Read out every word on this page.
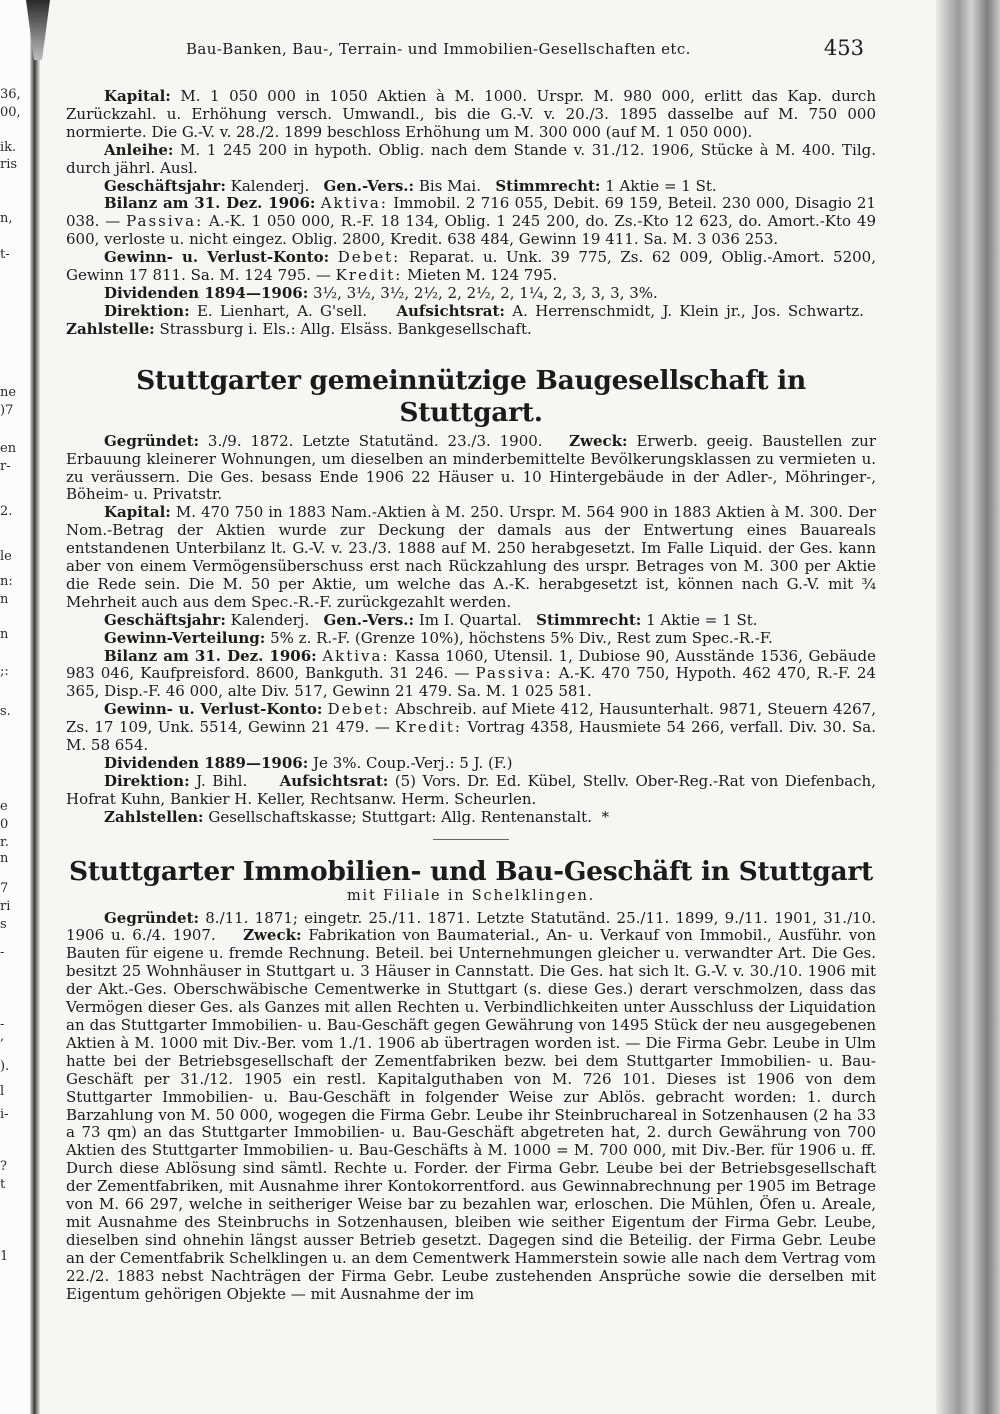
36,
00,
ik.
ris
n,
t-
ne
)7
en
r-
2.
le
n:
n
n
;:
s.
e
0
r.
n
7
ri
s
-
-
,
).
l
i-
?
t
1
Bau-Banken, Bau-, Terrain- und Immobilien-Gesellschaften etc.	453

Kapital: M. 1 050 000 in 1050 Aktien à M. 1000. Urspr. M. 980 000, erlitt das Kap. durch Zurückzahl. u. Erhöhung versch. Umwandl., bis die G.-V. v. 20./3. 1895 dasselbe auf M. 750 000 normierte. Die G.-V. v. 28./2. 1899 beschloss Erhöhung um M. 300 000 (auf M. 1 050 000).

Anleihe: M. 1 245 200 in hypoth. Oblig. nach dem Stande v. 31./12. 1906, Stücke à M. 400. Tilg. durch jährl. Ausl.

Geschäftsjahr: Kalenderj. Gen.-Vers.: Bis Mai. Stimmrecht: 1 Aktie = 1 St.

Bilanz am 31. Dez. 1906: Aktiva: Immobil. 2 716 055, Debit. 69 159, Beteil. 230 000, Disagio 21 038. — Passiva: A.-K. 1 050 000, R.-F. 18 134, Oblig. 1 245 200, do. Zs.-Kto 12 623, do. Amort.-Kto 49 600, verloste u. nicht eingez. Oblig. 2800, Kredit. 638 484, Gewinn 19 411. Sa. M. 3 036 253.

Gewinn- u. Verlust-Konto: Debet: Reparat. u. Unk. 39 775, Zs. 62 009, Oblig.-Amort. 5200, Gewinn 17 811. Sa. M. 124 795. — Kredit: Mieten M. 124 795.

Dividenden 1894—1906: 3½, 3½, 3½, 2½, 2, 2½, 2, 1¼, 2, 3, 3, 3, 3%.

Direktion: E. Lienhart, A. G'sell. Aufsichtsrat: A. Herrenschmidt, J. Klein jr., Jos. Schwartz.   Zahlstelle: Strassburg i. Els.: Allg. Elsäss. Bankgesellschaft.

Stuttgarter gemeinnützige Baugesellschaft in Stuttgart.

Gegründet: 3./9. 1872. Letzte Statutänd. 23./3. 1900. Zweck: Erwerb. geeig. Baustellen zur Erbauung kleinerer Wohnungen, um dieselben an minderbemittelte Bevölkerungsklassen zu vermieten u. zu veräussern. Die Ges. besass Ende 1906 22 Häuser u. 10 Hintergebäude in der Adler-, Möhringer-, Böheim- u. Privatstr.

Kapital: M. 470 750 in 1883 Nam.-Aktien à M. 250. Urspr. M. 564 900 in 1883 Aktien à M. 300. Der Nom.-Betrag der Aktien wurde zur Deckung der damals aus der Entwertung eines Bauareals entstandenen Unterbilanz lt. G.-V. v. 23./3. 1888 auf M. 250 herabgesetzt. Im Falle Liquid. der Ges. kann aber von einem Vermögensüberschuss erst nach Rückzahlung des urspr. Betrages von M. 300 per Aktie die Rede sein. Die M. 50 per Aktie, um welche das A.-K. herabgesetzt ist, können nach G.-V. mit ¾ Mehrheit auch aus dem Spec.-R.-F. zurückgezahlt werden.

Geschäftsjahr: Kalenderj. Gen.-Vers.: Im I. Quartal. Stimmrecht: 1 Aktie = 1 St.

Gewinn-Verteilung: 5% z. R.-F. (Grenze 10%), höchstens 5% Div., Rest zum Spec.-R.-F.

Bilanz am 31. Dez. 1906: Aktiva: Kassa 1060, Utensil. 1, Dubiose 90, Ausstände 1536, Gebäude 983 046, Kaufpreisford. 8600, Bankguth. 31 246. — Passiva: A.-K. 470 750, Hypoth. 462 470, R.-F. 24 365, Disp.-F. 46 000, alte Div. 517, Gewinn 21 479. Sa. M. 1 025 581.

Gewinn- u. Verlust-Konto: Debet: Abschreib. auf Miete 412, Hausunterhalt. 9871, Steuern 4267, Zs. 17 109, Unk. 5514, Gewinn 21 479. — Kredit: Vortrag 4358, Hausmiete 54 266, verfall. Div. 30. Sa. M. 58 654.

Dividenden 1889—1906: Je 3%. Coup.-Verj.: 5 J. (F.)

Direktion: J. Bihl. Aufsichtsrat: (5) Vors. Dr. Ed. Kübel, Stellv. Ober-Reg.-Rat von Diefenbach, Hofrat Kuhn, Bankier H. Keller, Rechtsanw. Herm. Scheurlen.

Zahlstellen: Gesellschaftskasse; Stuttgart: Allg. Rentenanstalt. *

Stuttgarter Immobilien- und Bau-Geschäft in Stuttgart
mit Filiale in Schelklingen.

Gegründet: 8./11. 1871; eingetr. 25./11. 1871. Letzte Statutänd. 25./11. 1899, 9./11. 1901, 31./10. 1906 u. 6./4. 1907. Zweck: Fabrikation von Baumaterial., An- u. Verkauf von Immobil., Ausführ. von Bauten für eigene u. fremde Rechnung. Beteil. bei Unternehmungen gleicher u. verwandter Art. Die Ges. besitzt 25 Wohnhäuser in Stuttgart u. 3 Häuser in Cannstatt. Die Ges. hat sich lt. G.-V. v. 30./10. 1906 mit der Akt.-Ges. Oberschwäbische Cementwerke in Stuttgart (s. diese Ges.) derart verschmolzen, dass das Vermögen dieser Ges. als Ganzes mit allen Rechten u. Verbindlichkeiten unter Ausschluss der Liquidation an das Stuttgarter Immobilien- u. Bau-Geschäft gegen Gewährung von 1495 Stück der neu ausgegebenen Aktien à M. 1000 mit Div.-Ber. vom 1./1. 1906 ab übertragen worden ist. — Die Firma Gebr. Leube in Ulm hatte bei der Betriebsgesellschaft der Zementfabriken bezw. bei dem Stuttgarter Immobilien- u. Bau-Geschäft per 31./12. 1905 ein restl. Kapitalguthaben von M. 726 101. Dieses ist 1906 von dem Stuttgarter Immobilien- u. Bau-Geschäft in folgender Weise zur Ablös. gebracht worden: 1. durch Barzahlung von M. 50 000, wogegen die Firma Gebr. Leube ihr Steinbruchareal in Sotzenhausen (2 ha 33 a 73 qm) an das Stuttgarter Immobilien- u. Bau-Geschäft abgetreten hat, 2. durch Gewährung von 700 Aktien des Stuttgarter Immobilien- u. Bau-Geschäfts à M. 1000 = M. 700 000, mit Div.-Ber. für 1906 u. ff. Durch diese Ablösung sind sämtl. Rechte u. Forder. der Firma Gebr. Leube bei der Betriebsgesellschaft der Zementfabriken, mit Ausnahme ihrer Kontokorrentford. aus Gewinnabrechnung per 1905 im Betrage von M. 66 297, welche in seitheriger Weise bar zu bezahlen war, erloschen. Die Mühlen, Öfen u. Areale, mit Ausnahme des Steinbruchs in Sotzenhausen, bleiben wie seither Eigentum der Firma Gebr. Leube, dieselben sind ohnehin längst ausser Betrieb gesetzt. Dagegen sind die Beteilig. der Firma Gebr. Leube an der Cementfabrik Schelklingen u. an dem Cementwerk Hammerstein sowie alle nach dem Vertrag vom 22./2. 1883 nebst Nachträgen der Firma Gebr. Leube zustehenden Ansprüche sowie die derselben mit Eigentum gehörigen Objekte — mit Ausnahme der im
